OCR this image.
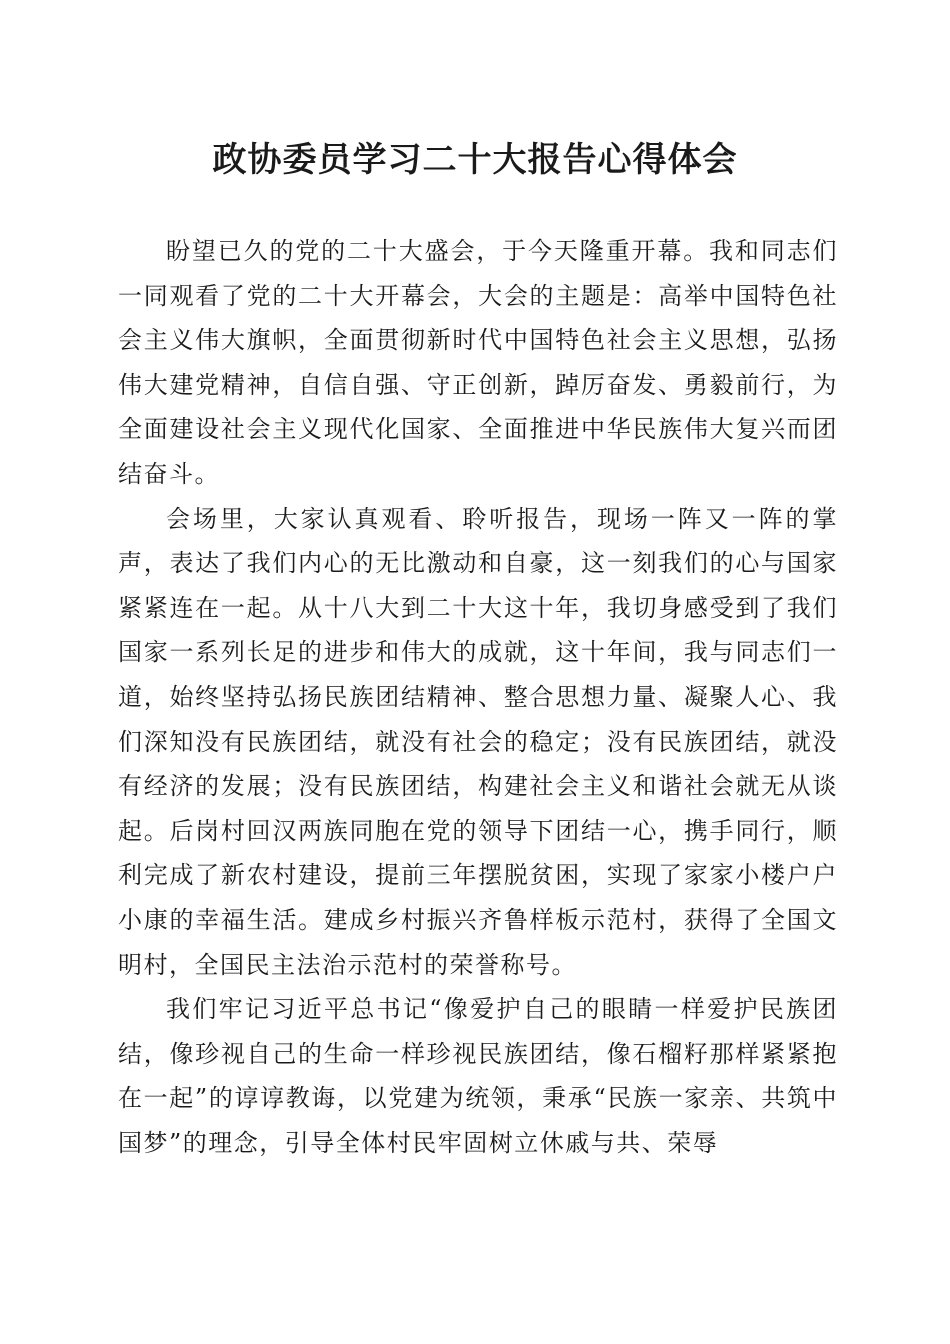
政协委员学习二十大报告心得体会

盼望已久的党的二十大盛会，于今天隆重开幕。我和同志们一同观看了党的二十大开幕会，大会的主题是：高举中国特色社会主义伟大旗帜，全面贯彻新时代中国特色社会主义思想，弘扬伟大建党精神，自信自强、守正创新，踔厉奋发、勇毅前行，为全面建设社会主义现代化国家、全面推进中华民族伟大复兴而团结奋斗。

会场里，大家认真观看、聆听报告，现场一阵又一阵的掌声，表达了我们内心的无比激动和自豪，这一刻我们的心与国家紧紧连在一起。从十八大到二十大这十年，我切身感受到了我们国家一系列长足的进步和伟大的成就，这十年间，我与同志们一道，始终坚持弘扬民族团结精神、整合思想力量、凝聚人心、我们深知没有民族团结，就没有社会的稳定；没有民族团结，就没有经济的发展；没有民族团结，构建社会主义和谐社会就无从谈起。后岗村回汉两族同胞在党的领导下团结一心，携手同行，顺利完成了新农村建设，提前三年摆脱贫困，实现了家家小楼户户小康的幸福生活。建成乡村振兴齐鲁样板示范村，获得了全国文明村，全国民主法治示范村的荣誉称号。

我们牢记习近平总书记“像爱护自己的眼睛一样爱护民族团结，像珍视自己的生命一样珍视民族团结，像石榴籽那样紧紧抱在一起”的谆谆教诲，以党建为统领，秉承“民族一家亲、共筑中国梦”的理念，引导全体村民牢固树立休戚与共、荣辱
